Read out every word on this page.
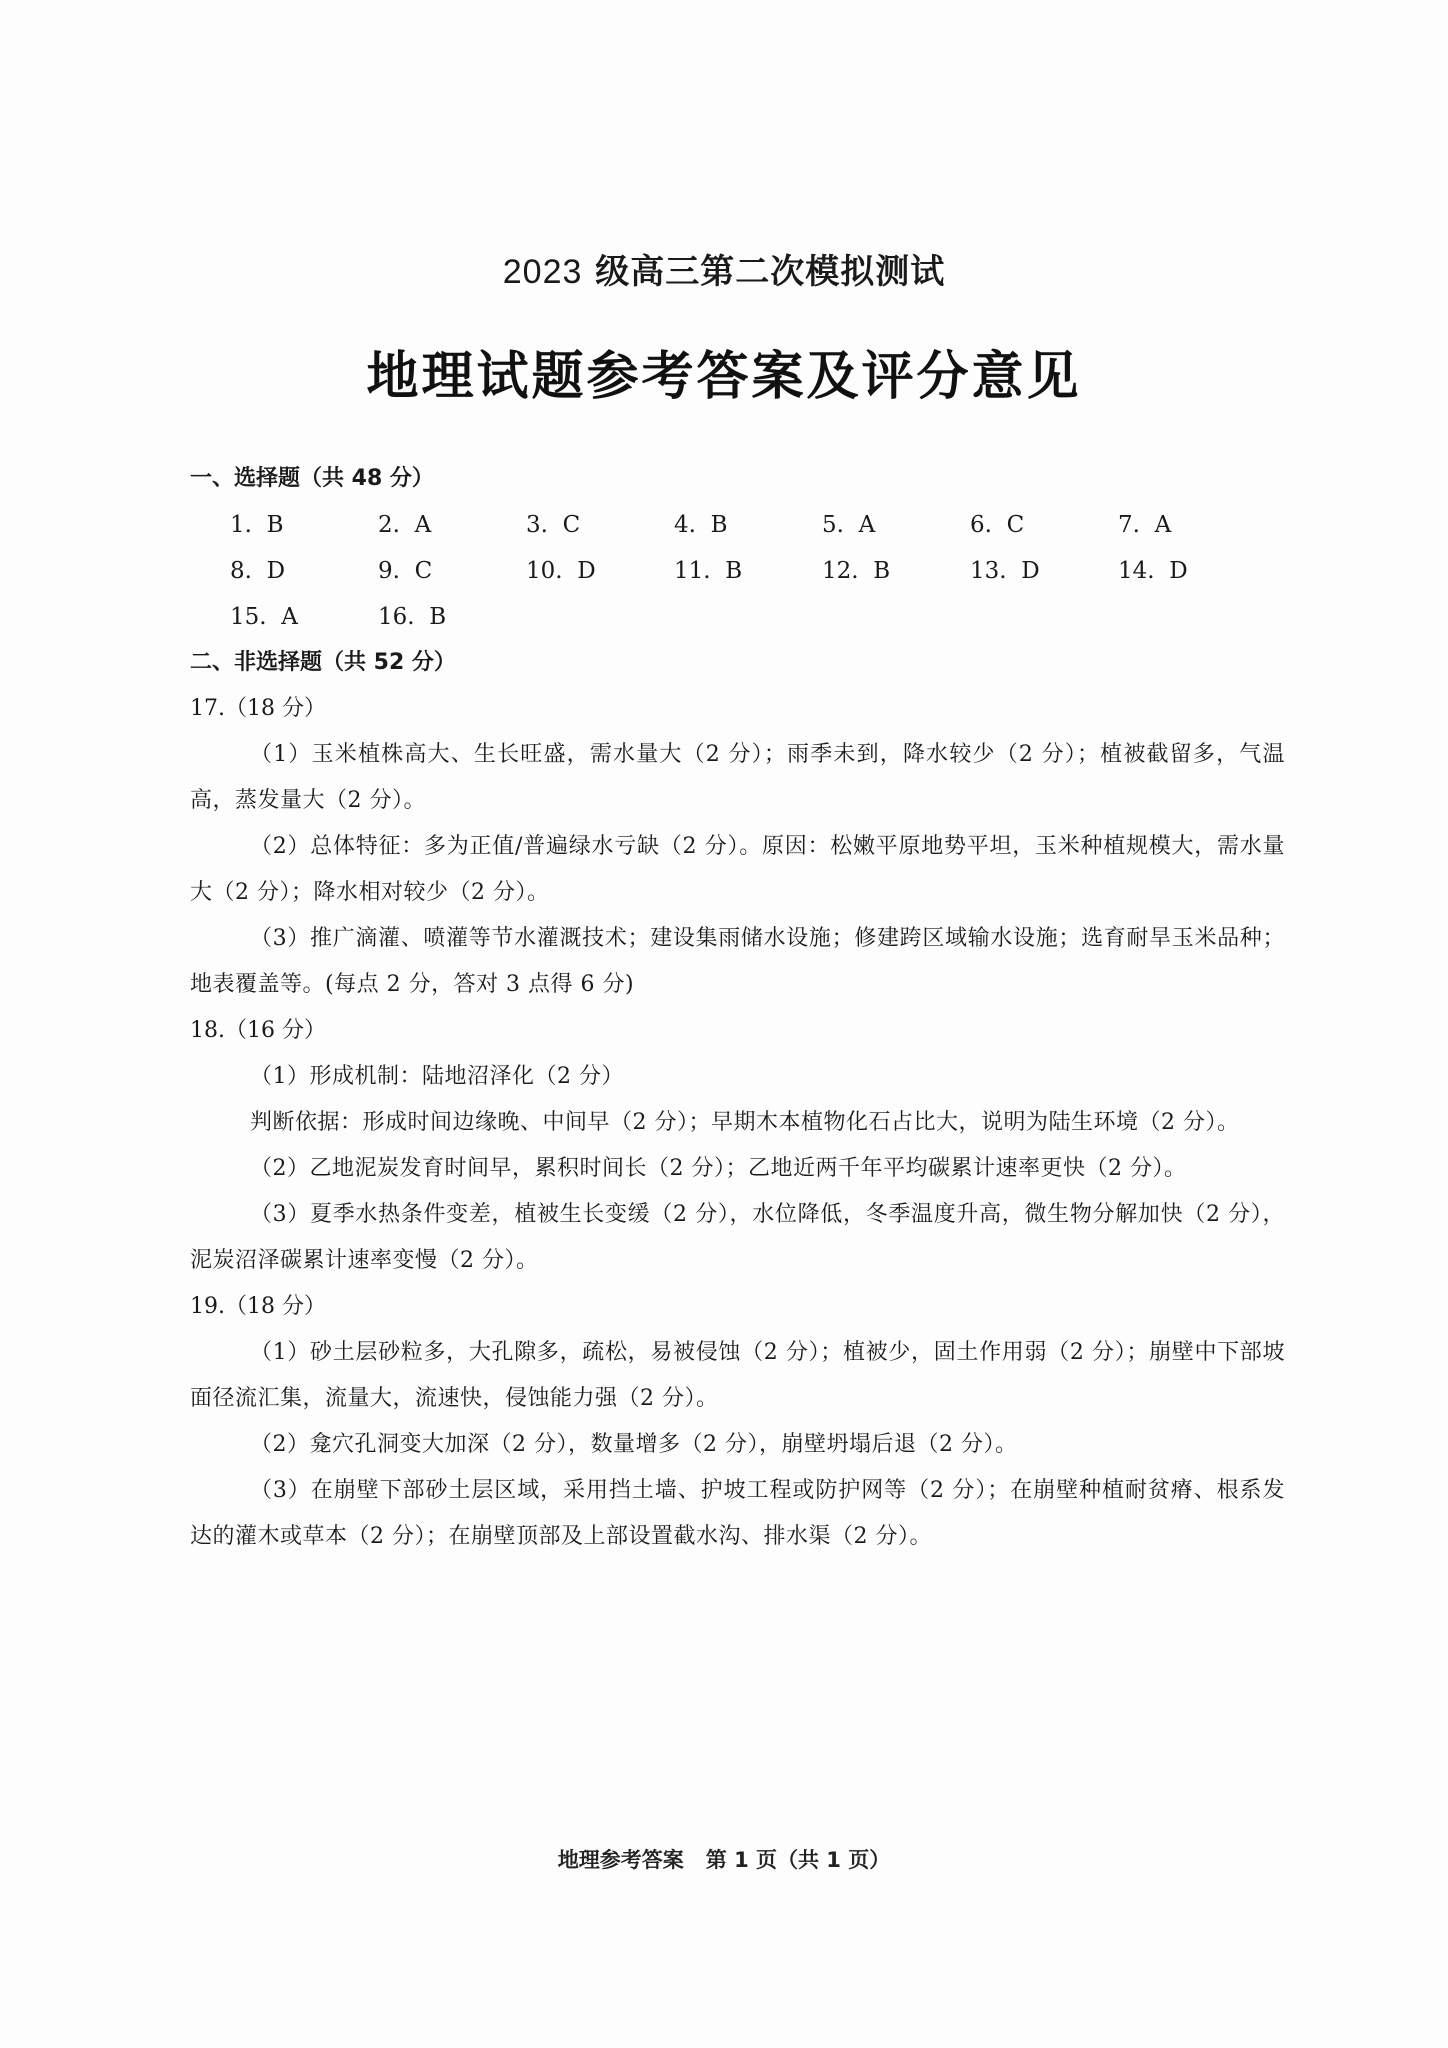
2023 级高三第二次模拟测试
地理试题参考答案及评分意见
一、选择题（共 48 分）
1. B	2. A	3. C	4. B	5. A	6. C	7. A
8. D	9. C	10. D	11. B	12. B	13. D	14. D
15. A	16. B
二、非选择题（共 52 分）
17.（18 分）
（1）玉米植株高大、生长旺盛，需水量大（2 分）；雨季未到，降水较少（2 分）；植被截留多，气温高，蒸发量大（2 分）。
（2）总体特征：多为正值/普遍绿水亏缺（2 分）。原因：松嫩平原地势平坦，玉米种植规模大，需水量大（2 分）；降水相对较少（2 分）。
（3）推广滴灌、喷灌等节水灌溉技术；建设集雨储水设施；修建跨区域输水设施；选育耐旱玉米品种；地表覆盖等。(每点 2 分，答对 3 点得 6 分)
18.（16 分）
（1）形成机制：陆地沼泽化（2 分）
判断依据：形成时间边缘晚、中间早（2 分）；早期木本植物化石占比大，说明为陆生环境（2 分）。
（2）乙地泥炭发育时间早，累积时间长（2 分）；乙地近两千年平均碳累计速率更快（2 分）。
（3）夏季水热条件变差，植被生长变缓（2 分），水位降低，冬季温度升高，微生物分解加快（2 分），泥炭沼泽碳累计速率变慢（2 分）。
19.（18 分）
（1）砂土层砂粒多，大孔隙多，疏松，易被侵蚀（2 分）；植被少，固土作用弱（2 分）；崩壁中下部坡面径流汇集，流量大，流速快，侵蚀能力强（2 分）。
（2）龛穴孔洞变大加深（2 分），数量增多（2 分），崩壁坍塌后退（2 分）。
（3）在崩壁下部砂土层区域，采用挡土墙、护坡工程或防护网等（2 分）；在崩壁种植耐贫瘠、根系发达的灌木或草本（2 分）；在崩壁顶部及上部设置截水沟、排水渠（2 分）。
地理参考答案 第 1 页（共 1 页）
